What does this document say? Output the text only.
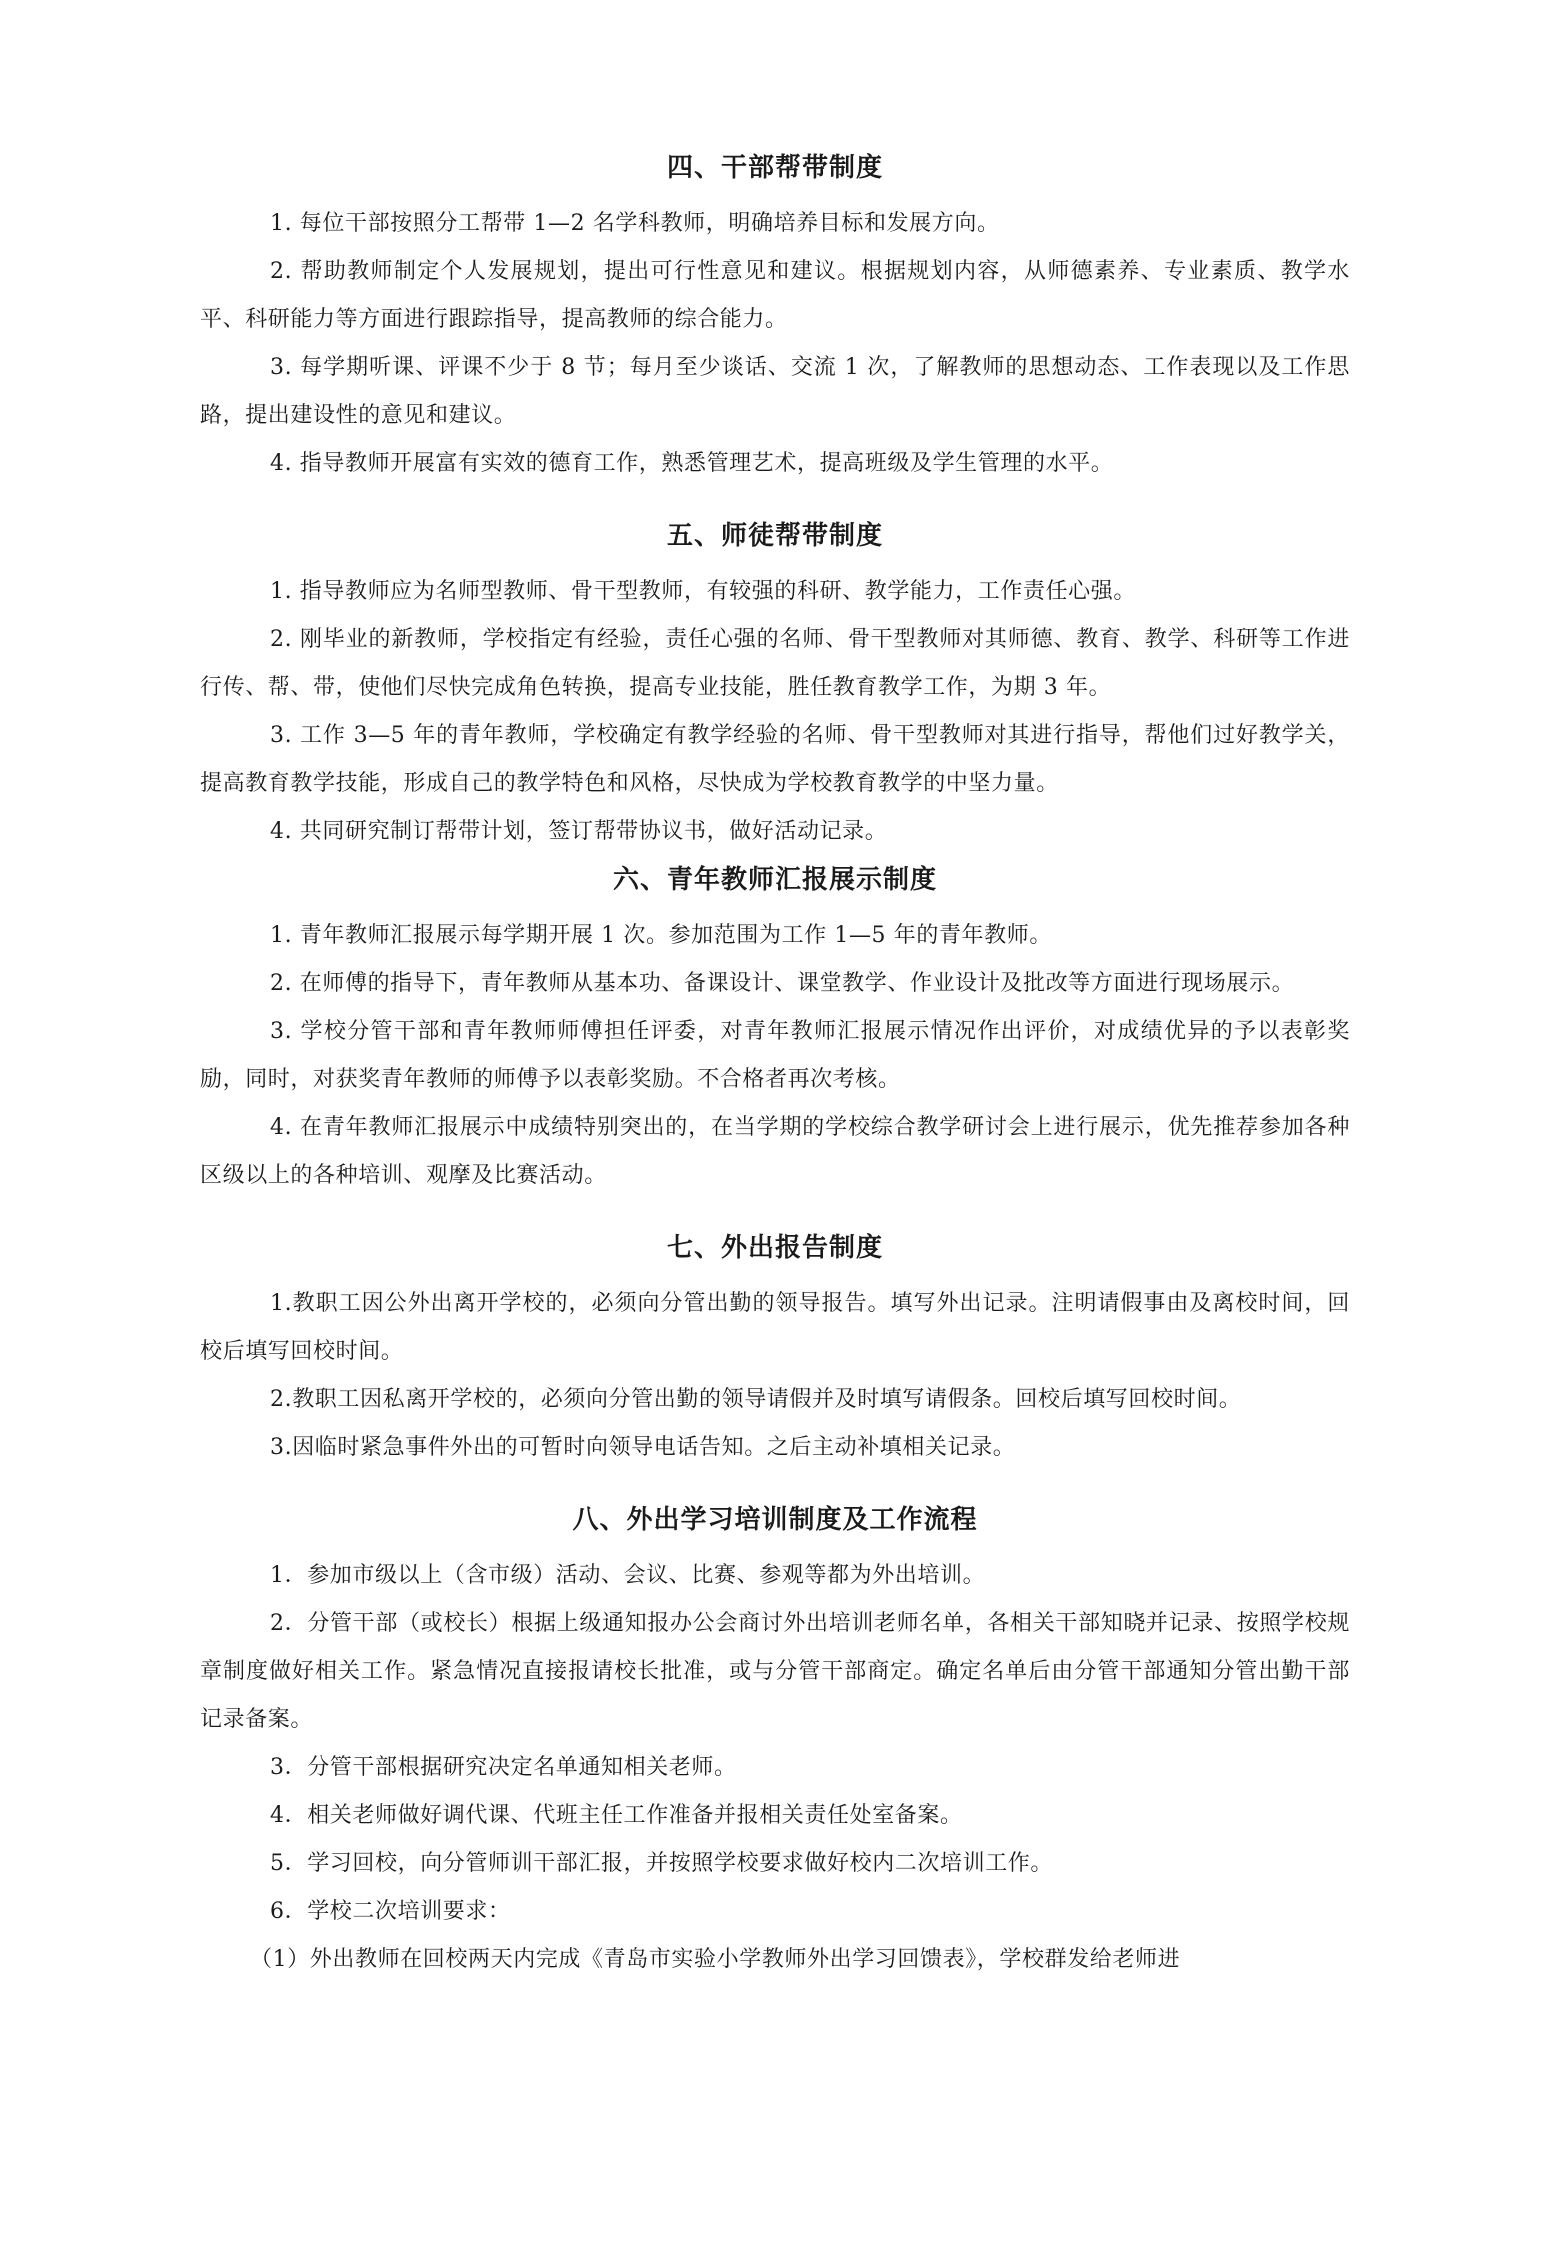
四、干部帮带制度

1. 每位干部按照分工帮带 1—2 名学科教师，明确培养目标和发展方向。

2. 帮助教师制定个人发展规划，提出可行性意见和建议。根据规划内容，从师德素养、专业素质、教学水平、科研能力等方面进行跟踪指导，提高教师的综合能力。

3. 每学期听课、评课不少于 8 节；每月至少谈话、交流 1 次，了解教师的思想动态、工作表现以及工作思路，提出建设性的意见和建议。

4. 指导教师开展富有实效的德育工作，熟悉管理艺术，提高班级及学生管理的水平。

五、师徒帮带制度

1. 指导教师应为名师型教师、骨干型教师，有较强的科研、教学能力，工作责任心强。

2. 刚毕业的新教师，学校指定有经验，责任心强的名师、骨干型教师对其师德、教育、教学、科研等工作进行传、帮、带，使他们尽快完成角色转换，提高专业技能，胜任教育教学工作，为期 3 年。

3. 工作 3—5 年的青年教师，学校确定有教学经验的名师、骨干型教师对其进行指导，帮他们过好教学关，提高教育教学技能，形成自己的教学特色和风格，尽快成为学校教育教学的中坚力量。

4. 共同研究制订帮带计划，签订帮带协议书，做好活动记录。

六、青年教师汇报展示制度

1. 青年教师汇报展示每学期开展 1 次。参加范围为工作 1—5 年的青年教师。

2. 在师傅的指导下，青年教师从基本功、备课设计、课堂教学、作业设计及批改等方面进行现场展示。

3. 学校分管干部和青年教师师傅担任评委，对青年教师汇报展示情况作出评价，对成绩优异的予以表彰奖励，同时，对获奖青年教师的师傅予以表彰奖励。不合格者再次考核。

4. 在青年教师汇报展示中成绩特别突出的，在当学期的学校综合教学研讨会上进行展示，优先推荐参加各种区级以上的各种培训、观摩及比赛活动。

七、外出报告制度

1.教职工因公外出离开学校的，必须向分管出勤的领导报告。填写外出记录。注明请假事由及离校时间，回校后填写回校时间。

2.教职工因私离开学校的，必须向分管出勤的领导请假并及时填写请假条。回校后填写回校时间。

3.因临时紧急事件外出的可暂时向领导电话告知。之后主动补填相关记录。

八、外出学习培训制度及工作流程

1．参加市级以上（含市级）活动、会议、比赛、参观等都为外出培训。

2．分管干部（或校长）根据上级通知报办公会商讨外出培训老师名单，各相关干部知晓并记录、按照学校规章制度做好相关工作。紧急情况直接报请校长批准，或与分管干部商定。确定名单后由分管干部通知分管出勤干部记录备案。

3．分管干部根据研究决定名单通知相关老师。

4．相关老师做好调代课、代班主任工作准备并报相关责任处室备案。

5．学习回校，向分管师训干部汇报，并按照学校要求做好校内二次培训工作。

6．学校二次培训要求：

（1）外出教师在回校两天内完成《青岛市实验小学教师外出学习回馈表》，学校群发给老师进
